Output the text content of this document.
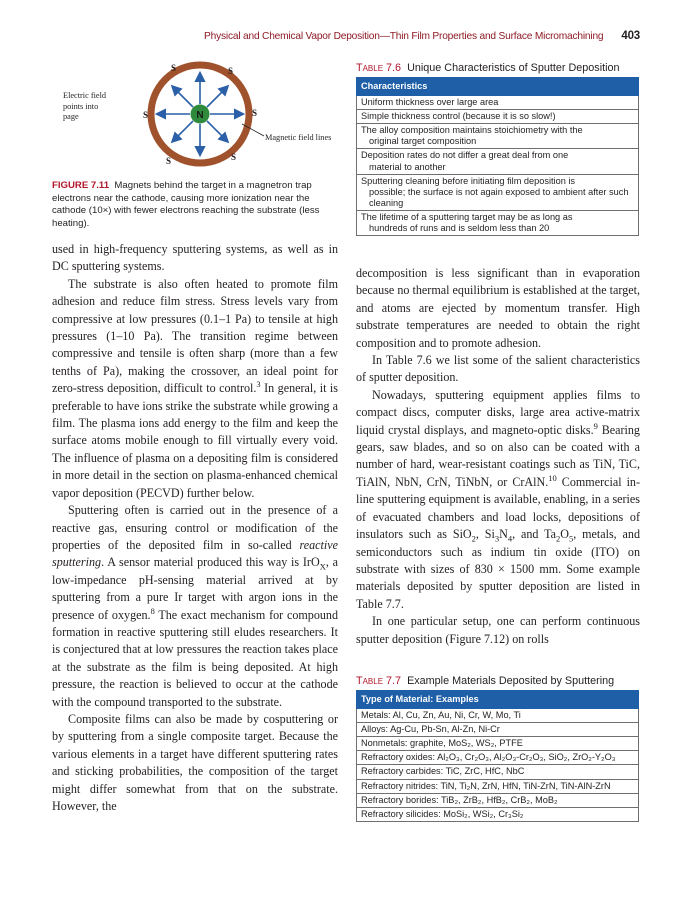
Physical and Chemical Vapor Deposition—Thin Film Properties and Surface Micromachining 403
N
S	S
S	S
S	S
Electric field points into page
Magnetic field lines
FIGURE 7.11 Magnets behind the target in a magnetron trap electrons near the cathode, causing more ionization near the cathode (10×) with fewer electrons reaching the substrate (less heating).

used in high-frequency sputtering systems, as well as in DC sputtering systems.

The substrate is also often heated to promote film adhesion and reduce film stress. Stress levels vary from compressive at low pressures (0.1–1 Pa) to tensile at high pressures (1–10 Pa). The transition regime between compressive and tensile is often sharp (more than a few tenths of Pa), making the crossover, an ideal point for zero-stress deposition, difficult to control.$^3$ In general, it is preferable to have ions strike the substrate while growing a film. The plasma ions add energy to the film and keep the surface atoms mobile enough to fill virtually every void. The influence of plasma on a depositing film is considered in more detail in the section on plasma-enhanced chemical vapor deposition (PECVD) further below.

Sputtering often is carried out in the presence of a reactive gas, ensuring control or modification of the properties of the deposited film in so-called reactive sputtering. A sensor material produced this way is IrO$_X$, a low-impedance pH-sensing material arrived at by sputtering from a pure Ir target with argon ions in the presence of oxygen.$^8$ The exact mechanism for compound formation in reactive sputtering still eludes researchers. It is conjectured that at low pressures the reaction takes place at the substrate as the film is being deposited. At high pressure, the reaction is believed to occur at the cathode with the compound transported to the substrate.

Composite films can also be made by cosputtering or by sputtering from a single composite target. Because the various elements in a target have different sputtering rates and sticking probabilities, the composition of the target might differ somewhat from that on the substrate. However, the

Table 7.6 Unique Characteristics of Sputter Deposition
Characteristics

Uniform thickness over large area

Simple thickness control (because it is so slow!)

The alloy composition maintains stoichiometry with the
original target composition

Deposition rates do not differ a great deal from one
material to another

Sputtering cleaning before initiating film deposition is
possible; the surface is not again exposed to ambient after such cleaning

The lifetime of a sputtering target may be as long as
hundreds of runs and is seldom less than 20

decomposition is less significant than in evaporation because no thermal equilibrium is established at the target, and atoms are ejected by momentum transfer. High substrate temperatures are needed to obtain the right composition and to promote adhesion.

In Table 7.6 we list some of the salient characteristics of sputter deposition.

Nowadays, sputtering equipment applies films to compact discs, computer disks, large area active-matrix liquid crystal displays, and magneto-optic disks.$^9$ Bearing gears, saw blades, and so on also can be coated with a number of hard, wear-resistant coatings such as TiN, TiC, TiAlN, NbN, CrN, TiNbN, or CrAlN.$^{10}$ Commercial in-line sputtering equipment is available, enabling, in a series of evacuated chambers and load locks, depositions of insulators such as SiO$_2$, $Si_3N_4$, and $Ta_2O_5$, metals, and semiconductors such as indium tin oxide (ITO) on substrate with sizes of 830 × 1500 mm. Some example materials deposited by sputter deposition are listed in Table 7.7.

In one particular setup, one can perform continuous sputter deposition (Figure 7.12) on rolls

Table 7.7 Example Materials Deposited by Sputtering
Type of Material: Examples
Metals: Al, Cu, Zn, Au, Ni, Cr, W, Mo, Ti
Alloys: Ag-Cu, Pb-Sn, Al-Zn, Ni-Cr
Nonmetals: graphite, MoS₂, WS₂, PTFE
Refractory oxides: Al₂O₃, Cr₂O₃, Al₂O₃-Cr₂O₃, SiO₂, ZrO₂-Y₂O₃
Refractory carbides: TiC, ZrC, HfC, NbC
Refractory nitrides: TiN, Ti₂N, ZrN, HfN, TiN-ZrN, TiN-AlN-ZrN
Refractory borides: TiB₂, ZrB₂, HfB₂, CrB₂, MoB₂
Refractory silicides: MoSi₂, WSi₂, Cr₃Si₂
